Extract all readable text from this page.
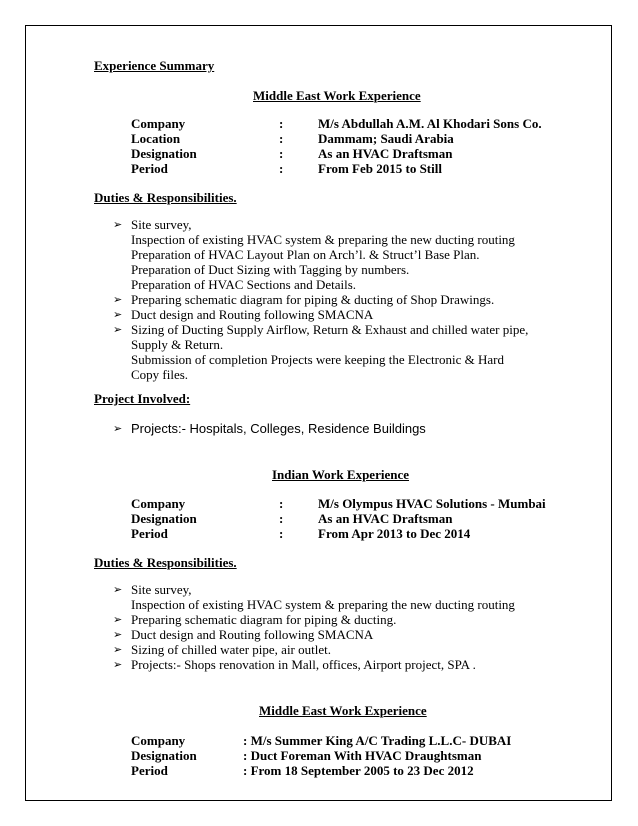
Experience Summary
Middle East Work Experience
Company	:	M/s Abdullah A.M. Al Khodari Sons Co.
Location	:	Dammam; Saudi Arabia
Designation	:	As an HVAC Draftsman
Period	:	From Feb 2015 to Still
Duties & Responsibilities.
➢
➢
➢
➢
Site survey,
Inspection of existing HVAC system & preparing the new ducting routing
Preparation of HVAC Layout Plan on Arch’l. & Struct’l Base Plan.
Preparation of Duct Sizing with Tagging by numbers.
Preparation of HVAC Sections and Details.
Preparing schematic diagram for piping & ducting of Shop Drawings.
Duct design and Routing following SMACNA
Sizing of Ducting Supply Airflow, Return & Exhaust and chilled water pipe,
Supply & Return.
Submission of completion Projects were keeping the Electronic & Hard
Copy files.
Project Involved:
➢ Projects:- Hospitals, Colleges, Residence Buildings
Indian Work Experience
Company	:	M/s Olympus HVAC Solutions - Mumbai
Designation	:	As an HVAC Draftsman
Period	:	From Apr 2013 to Dec 2014
Duties & Responsibilities.
➢
➢
➢
➢
➢
Site survey,
Inspection of existing HVAC system & preparing the new ducting routing
Preparing schematic diagram for piping & ducting.
Duct design and Routing following SMACNA
Sizing of chilled water pipe, air outlet.
Projects:- Shops renovation in Mall, offices, Airport project, SPA .
Middle East Work Experience
Company	: M/s Summer King A/C Trading L.L.C- DUBAI
Designation	: Duct Foreman With HVAC Draughtsman
Period	: From 18 September 2005 to 23 Dec 2012
